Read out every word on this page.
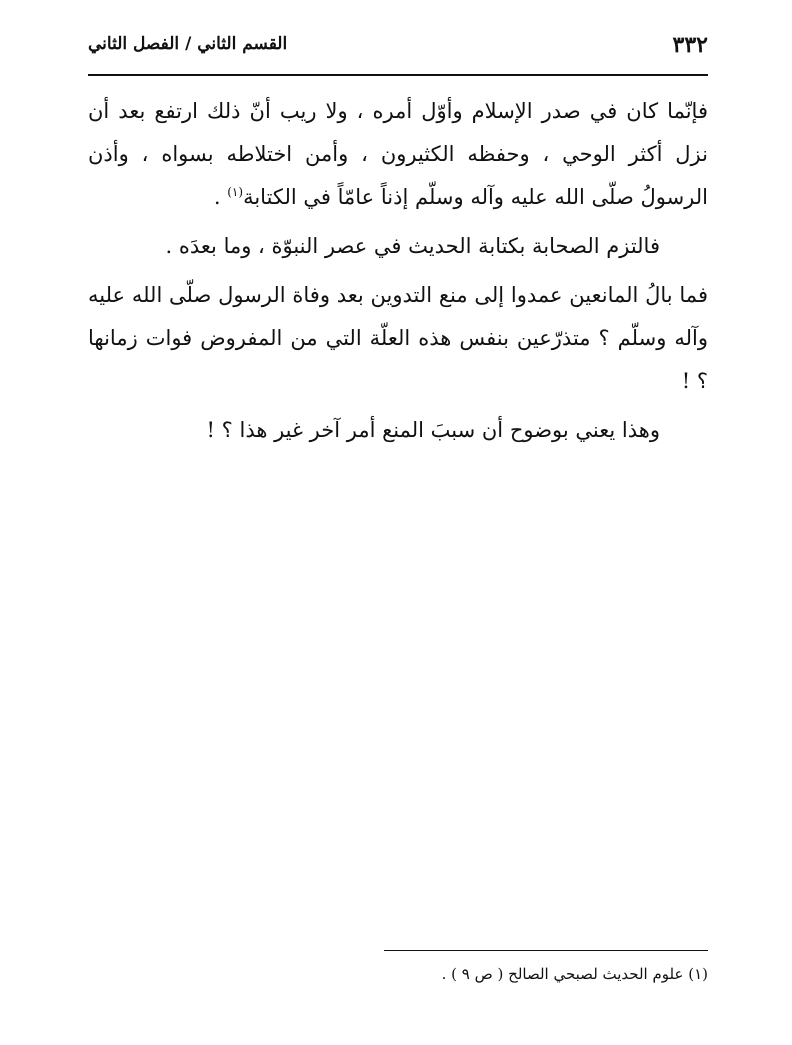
٣٣٢
القسم الثاني / الفصل الثاني

فإنّما كان في صدر الإسلام وأوّل أمره ، ولا ريب أنّ ذلك ارتفع بعد أن نزل أكثر الوحي ، وحفظه الكثيرون ، وأمن اختلاطه بسواه ، وأذن الرسولُ صلّى الله عليه وآله وسلّم إذناً عامّاً في الكتابة$^{(١)}$ .

فالتزم الصحابة بكتابة الحديث في عصر النبوّة ، وما بعدَه .

فما بالُ المانعين عمدوا إلى منع التدوين بعد وفاة الرسول صلّى الله عليه وآله وسلّم ؟ متذرّعين بنفس هذه العلّة التي من المفروض فوات زمانها ؟ !

وهذا يعني بوضوح أن سببَ المنع أمر آخر غير هذا ؟ !

(١) علوم الحديث لصبحي الصالح ( ص ٩ ) .
